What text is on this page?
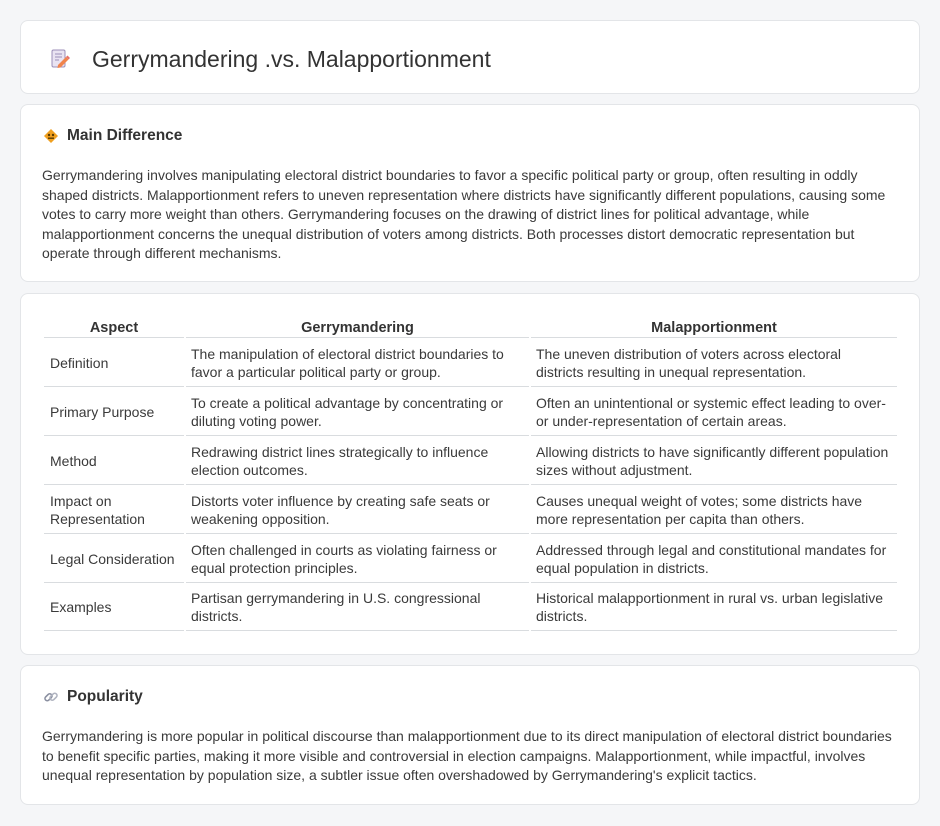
Gerrymandering .vs. Malapportionment
Main Difference

Gerrymandering involves manipulating electoral district boundaries to favor a specific political party or group, often resulting in oddly shaped districts. Malapportionment refers to uneven representation where districts have significantly different populations, causing some votes to carry more weight than others. Gerrymandering focuses on the drawing of district lines for political advantage, while malapportionment concerns the unequal distribution of voters among districts. Both processes distort democratic representation but operate through different mechanisms.

Aspect	Gerrymandering	Malapportionment
Definition	The manipulation of electoral district boundaries to favor a particular political party or group.	The uneven distribution of voters across electoral districts resulting in unequal representation.
Primary Purpose	To create a political advantage by concentrating or diluting voting power.	Often an unintentional or systemic effect leading to over- or under-representation of certain areas.
Method	Redrawing district lines strategically to influence election outcomes.	Allowing districts to have significantly different population sizes without adjustment.
Impact on Representation	Distorts voter influence by creating safe seats or weakening opposition.	Causes unequal weight of votes; some districts have more representation per capita than others.
Legal Consideration	Often challenged in courts as violating fairness or equal protection principles.	Addressed through legal and constitutional mandates for equal population in districts.
Examples	Partisan gerrymandering in U.S. congressional districts.	Historical malapportionment in rural vs. urban legislative districts.
Popularity

Gerrymandering is more popular in political discourse than malapportionment due to its direct manipulation of electoral district boundaries to benefit specific parties, making it more visible and controversial in election campaigns. Malapportionment, while impactful, involves unequal representation by population size, a subtler issue often overshadowed by Gerrymandering's explicit tactics.
